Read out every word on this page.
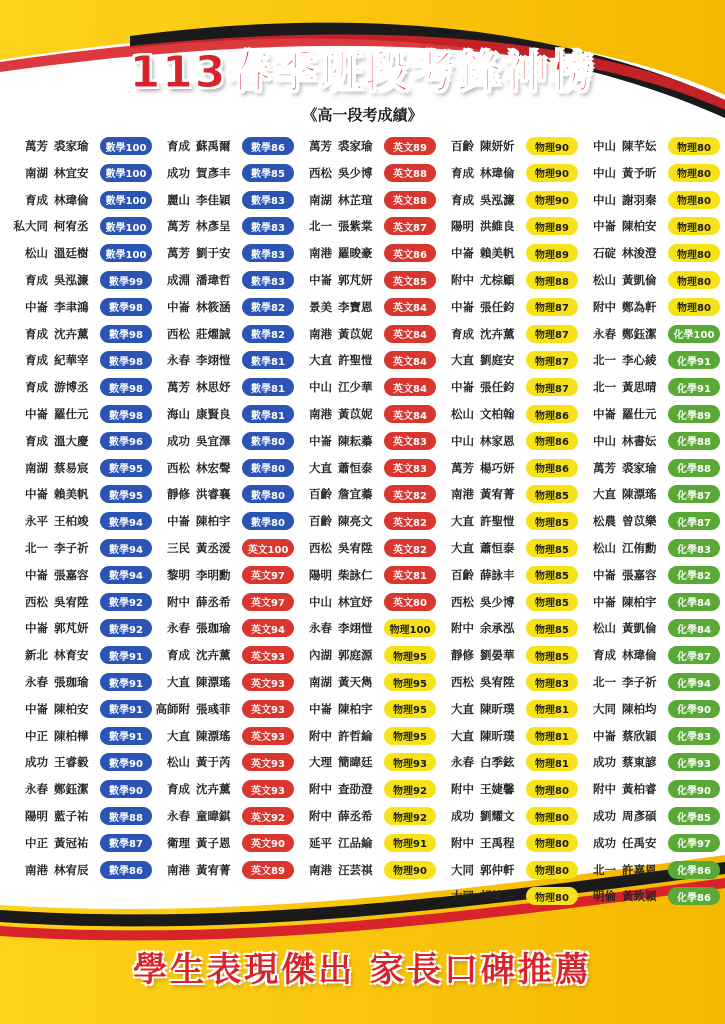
113春季班段考鋒神榜
《高一段考成績》
萬芳 裘家瑜	數學100
南湖 林宜安	數學100
育成 林瑋倫	數學100
私大同 柯宥丞	數學100
松山 溫廷樹	數學100
育成 吳泓濂	數學99
中崙 李聿鴻	數學98
育成 沈卉薰	數學98
育成 紀華宰	數學98
育成 游博丞	數學98
中崙 羅仕元	數學98
育成 溫大慶	數學96
南湖 蔡易宸	數學95
中崙 賴美帆	數學95
永平 王柏竣	數學94
北一 李子祈	數學94
中崙 張嘉容	數學94
西松 吳宥陞	數學92
中崙 郭芃妍	數學92
新北 林育安	數學91
永春 張珈瑜	數學91
中崙 陳柏安	數學91
中正 陳柏樺	數學91
成功 王睿毅	數學90
永春 鄭鈺潔	數學90
陽明 藍子祐	數學88
中正 黃冠祐	數學87
南港 林宥辰	數學86
育成 蘇禹爾	數學86
成功 賀彥丰	數學85
麗山 李佳穎	數學83
萬芳 林彥呈	數學83
萬芳 劉于安	數學83
成淵 潘瑋哲	數學83
中崙 林筱涵	數學82
西松 莊燿誠	數學82
永春 李翊愷	數學81
萬芳 林思妤	數學81
海山 康賢良	數學81
成功 吳宜澤	數學80
西松 林宏聲	數學80
靜修 洪睿襄	數學80
中崙 陳柏宇	數學80
三民 黃丞湲	英文100
黎明 李明勳	英文97
附中 薛丞希	英文97
永春 張珈瑜	英文94
育成 沈卉薰	英文93
大直 陳漂瑤	英文93
高師附 張彧菲	英文93
大直 陳漂瑤	英文93
松山 黃于芮	英文93
育成 沈卉薰	英文93
永春 童暐錤	英文92
衛理 黃子恩	英文90
南港 黃宥菁	英文89
萬芳 裘家瑜	英文89
西松 吳少博	英文88
南湖 林芷瑄	英文88
北一 張紫棠	英文87
南港 羅晙豪	英文86
中崙 郭芃妍	英文85
景美 李寶恩	英文84
南港 黃苡妮	英文84
大直 許聖愷	英文84
中山 江少華	英文84
南港 黃苡妮	英文84
中崙 陳耘蓁	英文83
大直 蕭恒泰	英文83
百齡 詹宜蓁	英文82
百齡 陳亮文	英文82
西松 吳宥陞	英文82
陽明 柴詠仁	英文81
中山 林宜妤	英文80
永春 李翊愷	物理100
內湖 郭庭源	物理95
南湖 黃天雋	物理95
中崙 陳柏宇	物理95
附中 許哲綸	物理95
大理 簡暐廷	物理93
附中 查劭澄	物理92
附中 薛丞希	物理92
延平 江品綸	物理91
南港 汪芸祺	物理90
百齡 陳妍妡	物理90
育成 林瑋倫	物理90
育成 吳泓濂	物理90
陽明 洪維良	物理89
中崙 賴美帆	物理89
附中 尤棕顧	物理88
中崙 張任鈞	物理87
育成 沈卉薰	物理87
大直 劉庭安	物理87
中崙 張任鈞	物理87
松山 文柏翰	物理86
中山 林家恩	物理86
萬芳 楊巧妍	物理86
南港 黃宥菁	物理85
大直 許聖愷	物理85
大直 蕭恒泰	物理85
百齡 薛詠丰	物理85
西松 吳少博	物理85
附中 余承泓	物理85
靜修 劉晏華	物理85
西松 吳宥陞	物理83
大直 陳昕璞	物理81
大直 陳昕璞	物理81
永春 白季鉉	物理81
附中 王婕馨	物理80
成功 劉耀文	物理80
附中 王禹程	物理80
大同 郭仲軒	物理80
大同 胡棨宸	物理80
中山 陳芊妘	物理80
中山 黃予昕	物理80
中山 謝羽秦	物理80
中崙 陳柏安	物理80
石碇 林浚澄	物理80
松山 黃凱倫	物理80
附中 鄭為軒	物理80
永春 鄭鈺潔	化學100
北一 李心綾	化學91
北一 黃思晴	化學91
中崙 羅仕元	化學89
中山 林書妘	化學88
萬芳 裘家瑜	化學88
大直 陳漂瑤	化學87
松農 曾苡樂	化學87
松山 江侑勳	化學83
中崙 張嘉容	化學82
中崙 陳柏宇	化學84
松山 黃凱倫	化學84
育成 林瑋倫	化學87
北一 李子祈	化學94
大同 陳柏均	化學90
中崙 蔡欣穎	化學83
成功 蔡東諺	化學93
附中 黃柏睿	化學90
成功 周彥碩	化學85
成功 任禹安	化學97
北一 許嘉恩	化學86
明倫 黃致穎	化學86
學生表現傑出 家長口碑推薦
